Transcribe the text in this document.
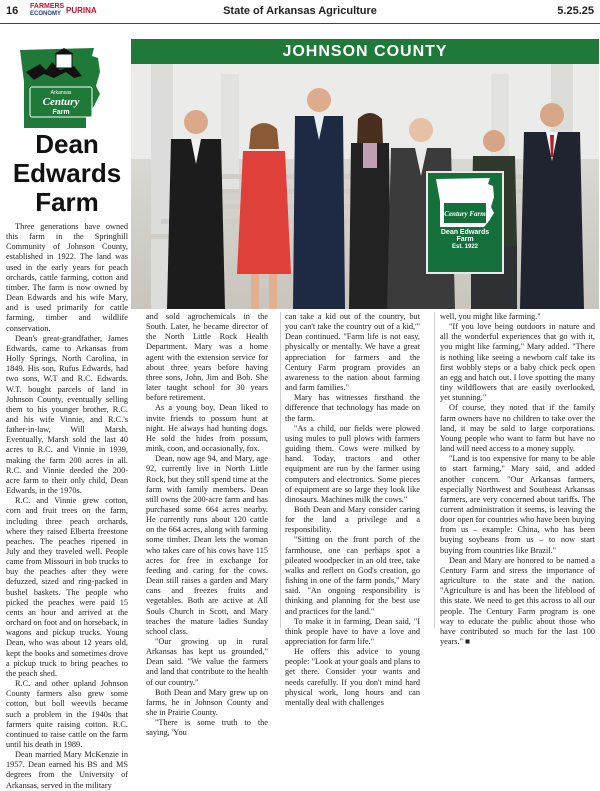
16 FARMERS
ECONOMY PURINA	State of Arkansas Agriculture	5.25.25
JOHNSON COUNTY
Arkansas
Century
Farm
Dean
Edwards
Farm	Century Farm
Dean Edwards
Farm
Est. 1922

Three generations have owned this farm in the Springhill Community of Johnson County, established in 1922. The land was used in the early years for peach orchards, cattle farming, cotton and timber. The farm is now owned by Dean Edwards and his wife Mary, and is used primarily for cattle farming, timber and wildlife conservation.

Dean's great-grandfather, James Edwards, came to Arkansas from Holly Springs, North Carolina, in 1849. His son, Rufus Edwards, had two sons, W.T and R.C. Edwards. W.T. bought parcels of land in Johnson County, eventually selling them to his younger brother, R.C. and his wife Vinnie, and R.C.'s father-in-law, Will Marsh. Eventually, Marsh sold the last 40 acres to R.C. and Vinnie in 1939, making the farm 200 acres in all. R.C. and Vinnie deeded the 200-acre farm to their only child, Dean Edwards, in the 1970s.

R.C. and Vinnie grew cotton, corn and fruit trees on the farm, including three peach orchards, where they raised Elberta freestone peaches. The peaches ripened in July and they traveled well. People came from Missouri in bob trucks to buy the peaches after they were defuzzed, sized and ring-packed in bushel baskets. The people who picked the peaches were paid 15 cents an hour and arrived at the orchard on foot and on horseback, in wagons and pickup trucks. Young Dean, who was about 12 years old, kept the books and sometimes drove a pickup truck to bring peaches to the peach shed.

R.C. and other upland Johnson County farmers also grew some cotton, but boll weevils became such a problem in the 1940s that farmers quite raising cotton. R.C. continued to raise cattle on the farm until his death in 1989.

Dean married Mary McKenzie in 1957. Dean earned his BS and MS degrees from the University of Arkansas, served in the military

and sold agrochemicals in the South. Later, he became director of the North Little Rock Health Department. Mary was a home agent with the extension service for about three years before having three sons, John, Jim and Bob. She later taught school for 30 years before retirement.

As a young boy, Dean liked to invite friends to possum hunt at night. He always had hunting dogs. He sold the hides from possum, mink, coon, and occasionally, fox.

Dean, now age 94, and Mary, age 92, currently live in North Little Rock, but they still spend time at the farm with family members. Dean still owns the 200-acre farm and has purchased some 664 acres nearby. He currently runs about 120 cattle on the 664 acres, along with farming some timber. Dean lets the woman who takes care of his cows have 115 acres for free in exchange for feeding and caring for the cows. Dean still raises a garden and Mary cans and freezes fruits and vegetables. Both are active at All Souls Church in Scott, and Mary teaches the mature ladies Sunday school class.

"Our growing up in rural Arkansas has kept us grounded," Dean said. "We value the farmers and land that contribute to the health of our country."

Both Dean and Mary grew up on farms, he in Johnson County and she in Prairie County.

"There is some truth to the saying, 'You

can take a kid out of the country, but you can't take the country out of a kid,'" Dean continued. "Farm life is not easy, physically or mentally. We have a great appreciation for farmers and the Century Farm program provides an awareness to the nation about farming and farm families."

Mary has witnesses firsthand the difference that technology has made on the farm.

"As a child, our fields were plowed using mules to pull plows with farmers guiding them. Cows were milked by hand. Today, tractors and other equipment are run by the farmer using computers and electronics. Some pieces of equipment are so large they look like dinosaurs. Machines milk the cows."

Both Dean and Mary consider caring for the land a privilege and a responsibility.

"Sitting on the front porch of the farmhouse, one can perhaps spot a pileated woodpecker in an old tree, take walks and reflect on God's creation, go fishing in one of the farm ponds," Mary said. "An ongoing responsibility is thinking and planning for the best use and practices for the land."

To make it in farming, Dean said, "I think people have to have a love and appreciation for farm life."

He offers this advice to young people: "Look at your goals and plans to get there. Consider your wants and needs carefully. If you don't mind hard physical work, long hours and can mentally deal with challenges

well, you might like farming."

"If you love being outdoors in nature and all the wonderful experiences that go with it, you might like farming," Mary added. "There is nothing like seeing a newborn calf take its first wobbly steps or a baby chick peck open an egg and hatch out. I love spotting the many tiny wildflowers that are easily overlooked, yet stunning."

Of course, they noted that if the family farm owners have no children to take over the land, it may be sold to large corporations. Young people who want to farm but have no land will need access to a money supply.

"Land is too expensive for many to be able to start farming," Mary said, and added another concern. "Our Arkansas farmers, especially Northwest and Southeast Arkansas farmers, are very concerned about tariffs. The current administration it seems, is leaving the door open for countries who have been buying from us – example: China, who has been buying soybeans from us – to now start buying from countries like Brazil."

Dean and Mary are honored to be named a Century Farm and stress the importance of agriculture to the state and the nation. "Agriculture is and has been the lifeblood of this state. We need to get this across to all our people. The Century Farm program is one way to educate the public about those who have contributed so much for the last 100 years." ■
